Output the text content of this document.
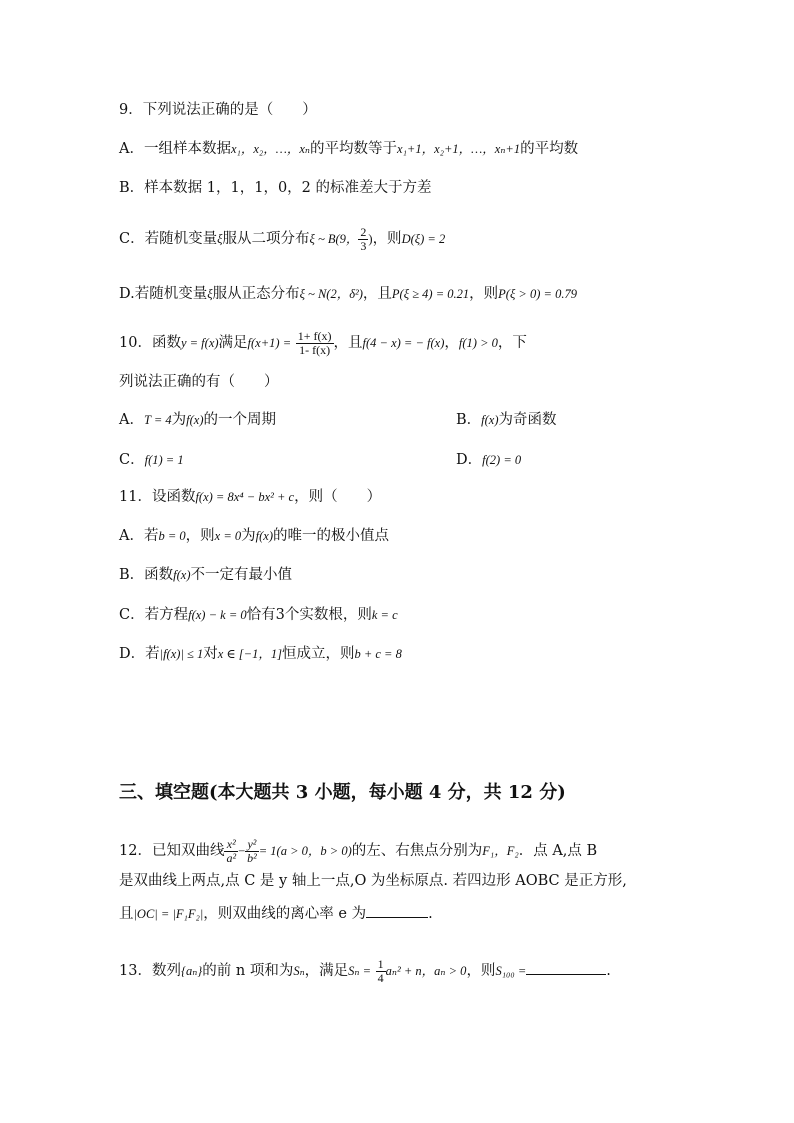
9．下列说法正确的是（　　）
A．一组样本数据x₁，x₂，…，xₙ的平均数等于x₁+1，x₂+1，…，xₙ+1的平均数
B．样本数据 1，1，1，0，2 的标准差大于方差
C．若随机变量ξ服从二项分布ξ ~ B(9， $\frac{2}{3}$ )，则D(ξ) = 2
D.若随机变量ξ服从正态分布ξ ~ N(2，δ²)，且P(ξ ≥ 4) = 0.21，则P(ξ > 0) = 0.79
10．函数y = f(x)满足$f(x+1) = \frac{1+ f(x)}{1- f(x)}$ ，且f(4 − x) = − f(x)，f(1) > 0，下
列说法正确的有（　　）
A．T = 4为f(x)的一个周期	B．f(x)为奇函数
C．f(1) = 1	D．f(2) = 0
11．设函数f(x) = 8x⁴ − bx² + c，则（　　）
A．若b = 0，则x = 0为f(x)的唯一的极小值点
B．函数f(x)不一定有最小值
C．若方程f(x) − k = 0恰有3个实数根，则k = c
D．若|f(x)| ≤ 1对x ∈ [−1，1]恒成立，则b + c = 8
三、填空题(本大题共 3 小题，每小题 4 分，共 12 分)
12．已知双曲线 $\frac{\text{x²}}{\text{a²}} - \frac{\text{y²}}{\text{b²}} = 1(a > 0$，b > 0)的左、右焦点分别为F₁，F₂．点 A,点 B
是双曲线上两点,点 C 是 y 轴上一点,O 为坐标原点. 若四边形 AOBC 是正方形,
且|OC| = |F₁F₂|，则双曲线的离心率 e 为	.
13．数列{aₙ}的前 n 项和为Sₙ，满足$S_n = \frac{1}{4} a_n^2 + n$，aₙ > 0，则S₁₀₀ =	.
